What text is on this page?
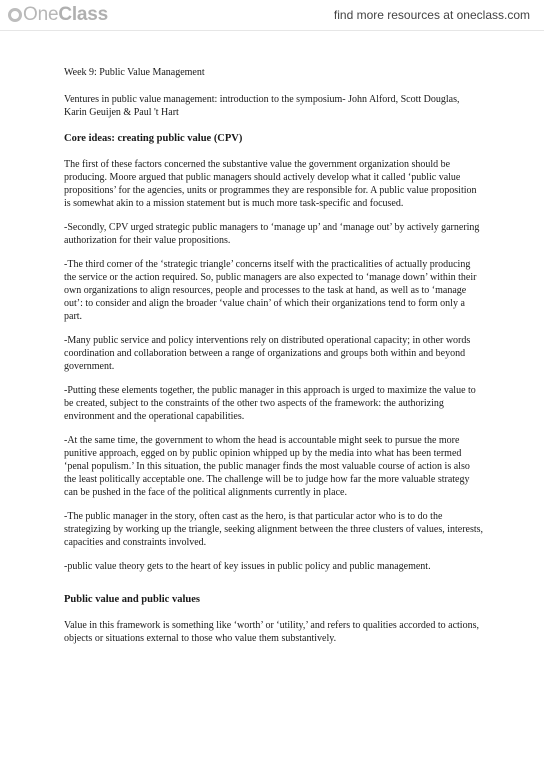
One Class	find more resources at oneclass.com

Week 9: Public Value Management

Ventures in public value management: introduction to the symposium- John Alford, Scott Douglas, Karin Geuijen & Paul 't Hart

Core ideas: creating public value (CPV)

The first of these factors concerned the substantive value the government organization should be producing. Moore argued that public managers should actively develop what it called ‘public value propositions’ for the agencies, units or programmes they are responsible for. A public value proposition is somewhat akin to a mission statement but is much more task-specific and focused.

-Secondly, CPV urged strategic public managers to ‘manage up’ and ‘manage out’ by actively garnering authorization for their value propositions.

-The third corner of the ‘strategic triangle’ concerns itself with the practicalities of actually producing the service or the action required. So, public managers are also expected to ‘manage down’ within their own organizations to align resources, people and processes to the task at hand, as well as to ‘manage out’: to consider and align the broader ‘value chain’ of which their organizations tend to form only a part.

-Many public service and policy interventions rely on distributed operational capacity; in other words coordination and collaboration between a range of organizations and groups both within and beyond government.

-Putting these elements together, the public manager in this approach is urged to maximize the value to be created, subject to the constraints of the other two aspects of the framework: the authorizing environment and the operational capabilities.

-At the same time, the government to whom the head is accountable might seek to pursue the more punitive approach, egged on by public opinion whipped up by the media into what has been termed ‘penal populism.’ In this situation, the public manager finds the most valuable course of action is also the least politically acceptable one. The challenge will be to judge how far the more valuable strategy can be pushed in the face of the political alignments currently in place.

-The public manager in the story, often cast as the hero, is that particular actor who is to do the strategizing by working up the triangle, seeking alignment between the three clusters of values, interests, capacities and constraints involved.

-public value theory gets to the heart of key issues in public policy and public management.

Public value and public values

Value in this framework is something like ‘worth’ or ‘utility,’ and refers to qualities accorded to actions, objects or situations external to those who value them substantively.
